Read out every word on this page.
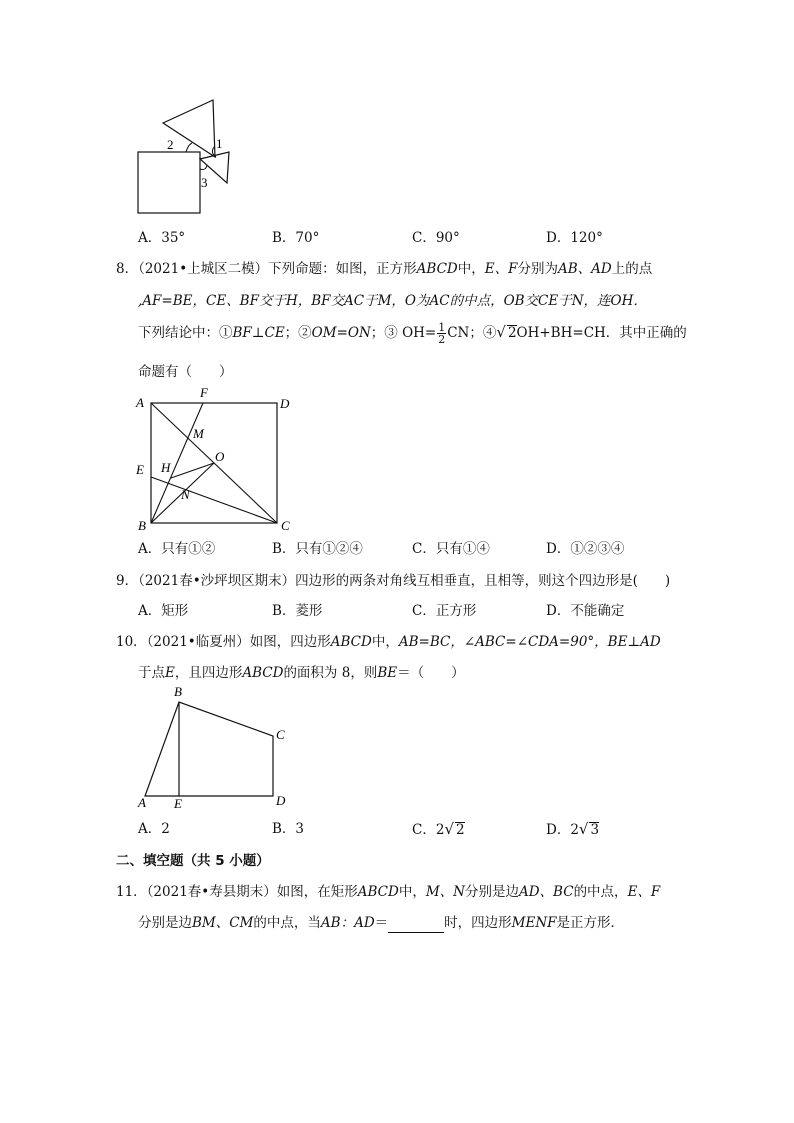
1
2
3
A．35°	B．70°	C．90°	D．120°
8．（2021•上城区二模）下列命题：如图，正方形ABCD中，E、F分别为AB、AD上的点
,AF=BE，CE、BF交于H，BF交AC于M，O为AC的中点，OB交CE于N，连OH．
下列结论中：①BF⊥CE；②OM=ON；③ $OH= \frac{1}{2}$ CN；④√ 2OH+BH=CH．其中正确的
命题有（　　）
A	D
F
M
O
E H
N
B	C
A．只有①②	B．只有①②④	C．只有①④	D．①②③④
9．（2021春•沙坪坝区期末）四边形的两条对角线互相垂直，且相等，则这个四边形是(　　)
A．矩形	B．菱形	C．正方形	D．不能确定
10．（2021•临夏州）如图，四边形ABCD中，AB=BC，∠ABC=∠CDA=90°，BE⊥AD
于点E，且四边形ABCD的面积为 8，则BE＝（　　）
B
C
A E	D
A．2	B．3	C．2√ 2	D．2√ 3
二、填空题（共 5 小题）
11．（2021春•寿县期末）如图，在矩形ABCD中，M、N分别是边AD、BC的中点，E、F
分别是边BM、CM的中点，当AB：AD＝	时，四边形MENF是正方形．
